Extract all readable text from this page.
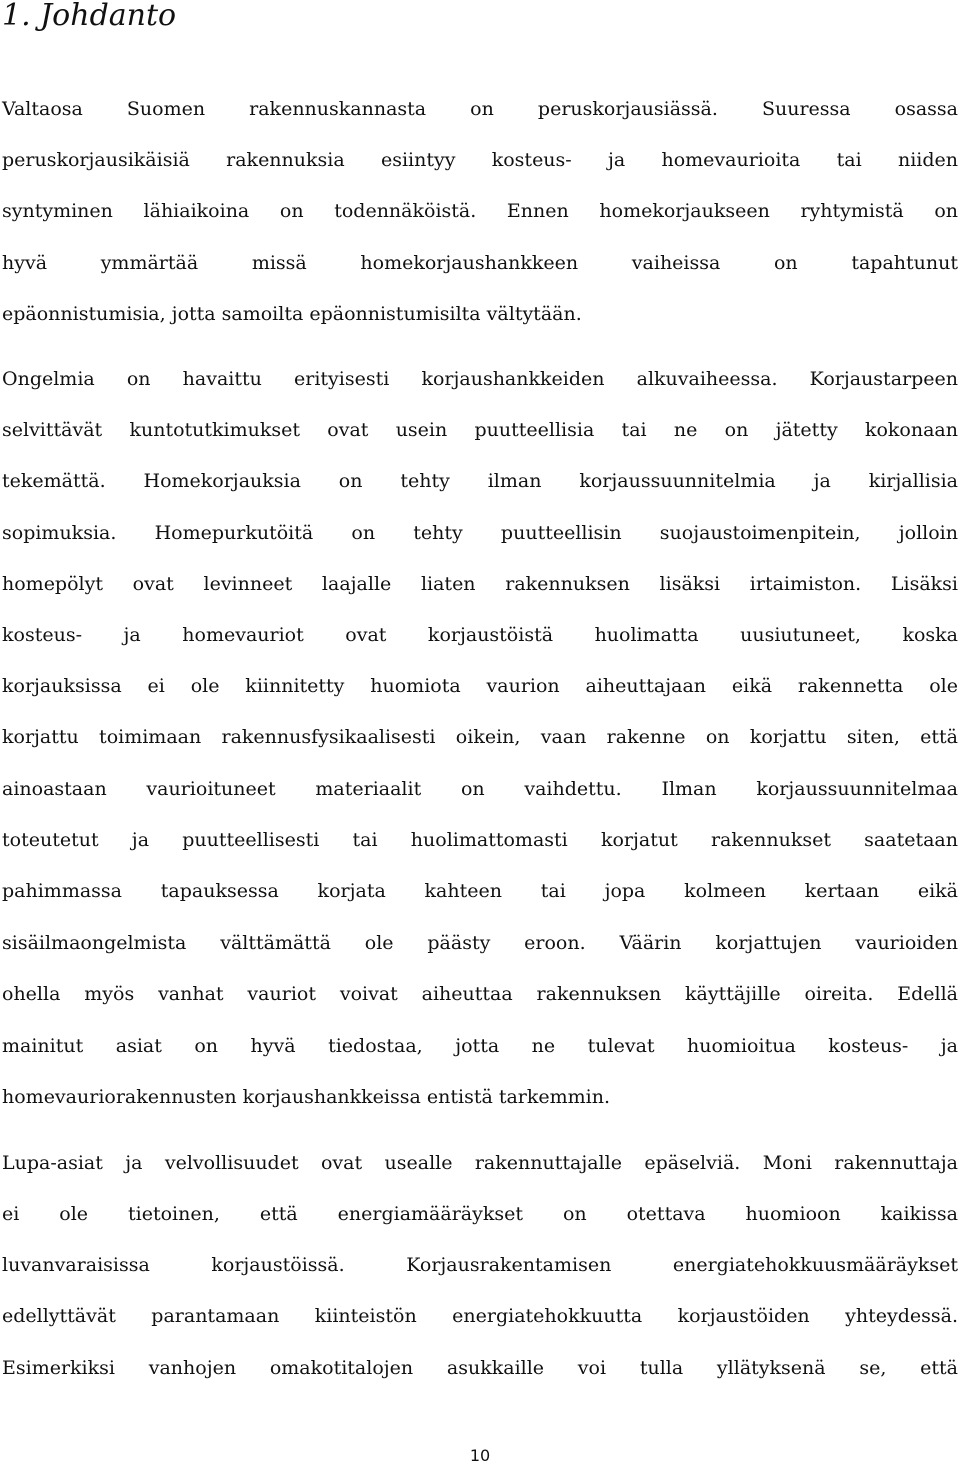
1. Johdanto
Valtaosa Suomen rakennuskannasta on peruskorjausiässä. Suuressa osassa
peruskorjausikäisiä rakennuksia esiintyy kosteus- ja homevaurioita tai niiden
syntyminen lähiaikoina on todennäköistä. Ennen homekorjaukseen ryhtymistä on
hyvä ymmärtää missä homekorjaushankkeen vaiheissa on tapahtunut
epäonnistumisia, jotta samoilta epäonnistumisilta vältytään.
Ongelmia on havaittu erityisesti korjaushankkeiden alkuvaiheessa. Korjaustarpeen
selvittävät kuntotutkimukset ovat usein puutteellisia tai ne on jätetty kokonaan
tekemättä. Homekorjauksia on tehty ilman korjaussuunnitelmia ja kirjallisia
sopimuksia. Homepurkutöitä on tehty puutteellisin suojaustoimenpitein, jolloin
homepölyt ovat levinneet laajalle liaten rakennuksen lisäksi irtaimiston. Lisäksi
kosteus- ja homevauriot ovat korjaustöistä huolimatta uusiutuneet, koska
korjauksissa ei ole kiinnitetty huomiota vaurion aiheuttajaan eikä rakennetta ole
korjattu toimimaan rakennusfysikaalisesti oikein, vaan rakenne on korjattu siten, että
ainoastaan vaurioituneet materiaalit on vaihdettu. Ilman korjaussuunnitelmaa
toteutetut ja puutteellisesti tai huolimattomasti korjatut rakennukset saatetaan
pahimmassa tapauksessa korjata kahteen tai jopa kolmeen kertaan eikä
sisäilmaongelmista välttämättä ole päästy eroon. Väärin korjattujen vaurioiden
ohella myös vanhat vauriot voivat aiheuttaa rakennuksen käyttäjille oireita. Edellä
mainitut asiat on hyvä tiedostaa, jotta ne tulevat huomioitua kosteus- ja
homevauriorakennusten korjaushankkeissa entistä tarkemmin.
Lupa-asiat ja velvollisuudet ovat usealle rakennuttajalle epäselviä. Moni rakennuttaja
ei ole tietoinen, että energiamääräykset on otettava huomioon kaikissa
luvanvaraisissa korjaustöissä. Korjausrakentamisen energiatehokkuusmääräykset
edellyttävät parantamaan kiinteistön energiatehokkuutta korjaustöiden yhteydessä.
Esimerkiksi vanhojen omakotitalojen asukkaille voi tulla yllätyksenä se, että
10
